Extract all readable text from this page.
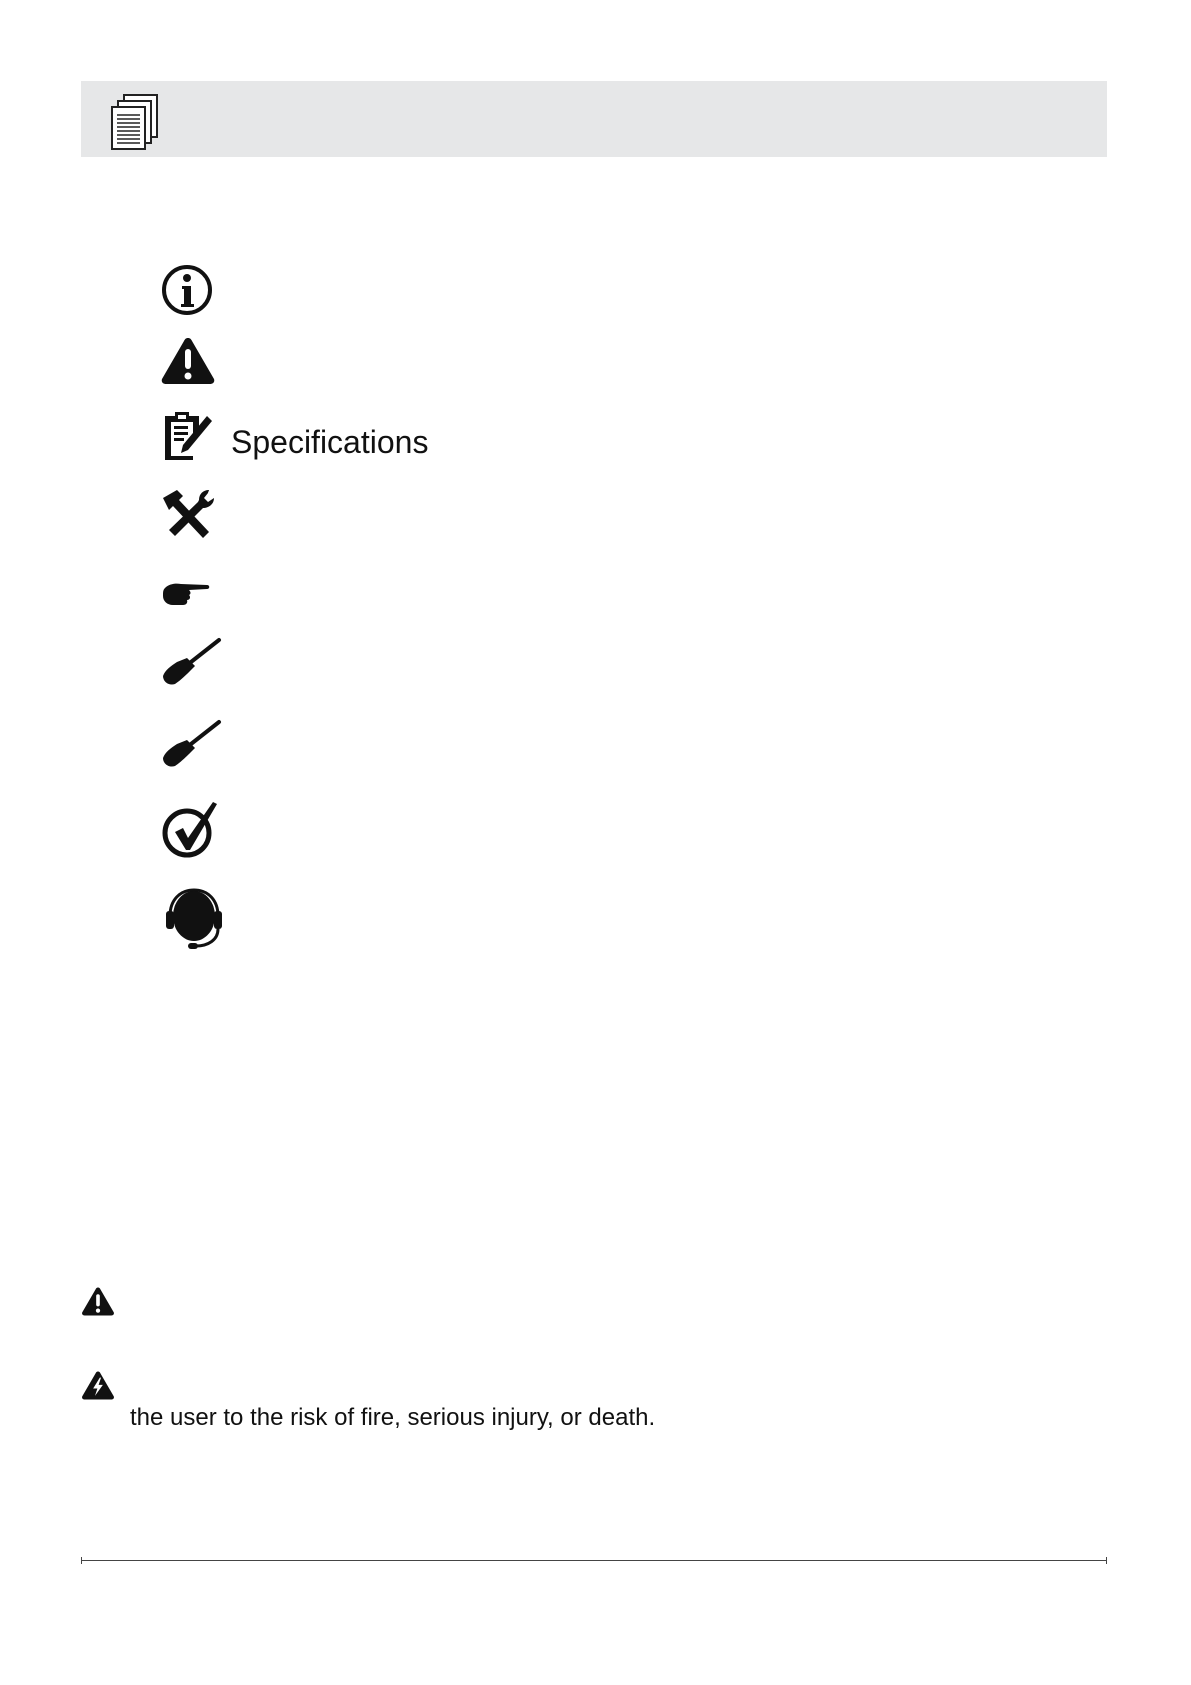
Specifications
the user to the risk of fire, serious injury, or death.
